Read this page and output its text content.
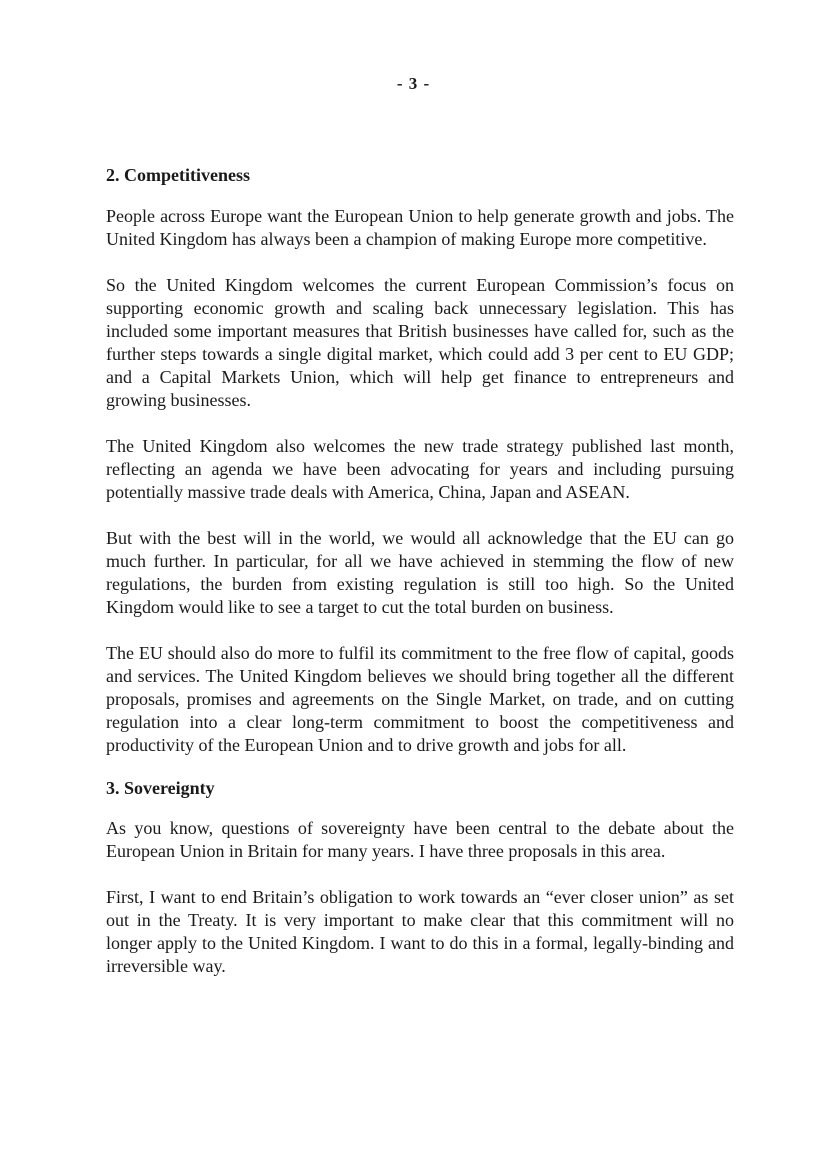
- 3 -
2. Competitiveness

People across Europe want the European Union to help generate growth and jobs. The United Kingdom has always been a champion of making Europe more competitive.

So the United Kingdom welcomes the current European Commission’s focus on supporting economic growth and scaling back unnecessary legislation. This has included some important measures that British businesses have called for, such as the further steps towards a single digital market, which could add 3 per cent to EU GDP; and a Capital Markets Union, which will help get finance to entrepreneurs and growing businesses.

The United Kingdom also welcomes the new trade strategy published last month, reflecting an agenda we have been advocating for years and including pursuing potentially massive trade deals with America, China, Japan and ASEAN.

But with the best will in the world, we would all acknowledge that the EU can go much further. In particular, for all we have achieved in stemming the flow of new regulations, the burden from existing regulation is still too high. So the United Kingdom would like to see a target to cut the total burden on business.

The EU should also do more to fulfil its commitment to the free flow of capital, goods and services. The United Kingdom believes we should bring together all the different proposals, promises and agreements on the Single Market, on trade, and on cutting regulation into a clear long-term commitment to boost the competitiveness and productivity of the European Union and to drive growth and jobs for all.

3. Sovereignty

As you know, questions of sovereignty have been central to the debate about the European Union in Britain for many years. I have three proposals in this area.

First, I want to end Britain’s obligation to work towards an “ever closer union” as set out in the Treaty. It is very important to make clear that this commitment will no longer apply to the United Kingdom. I want to do this in a formal, legally-binding and irreversible way.
